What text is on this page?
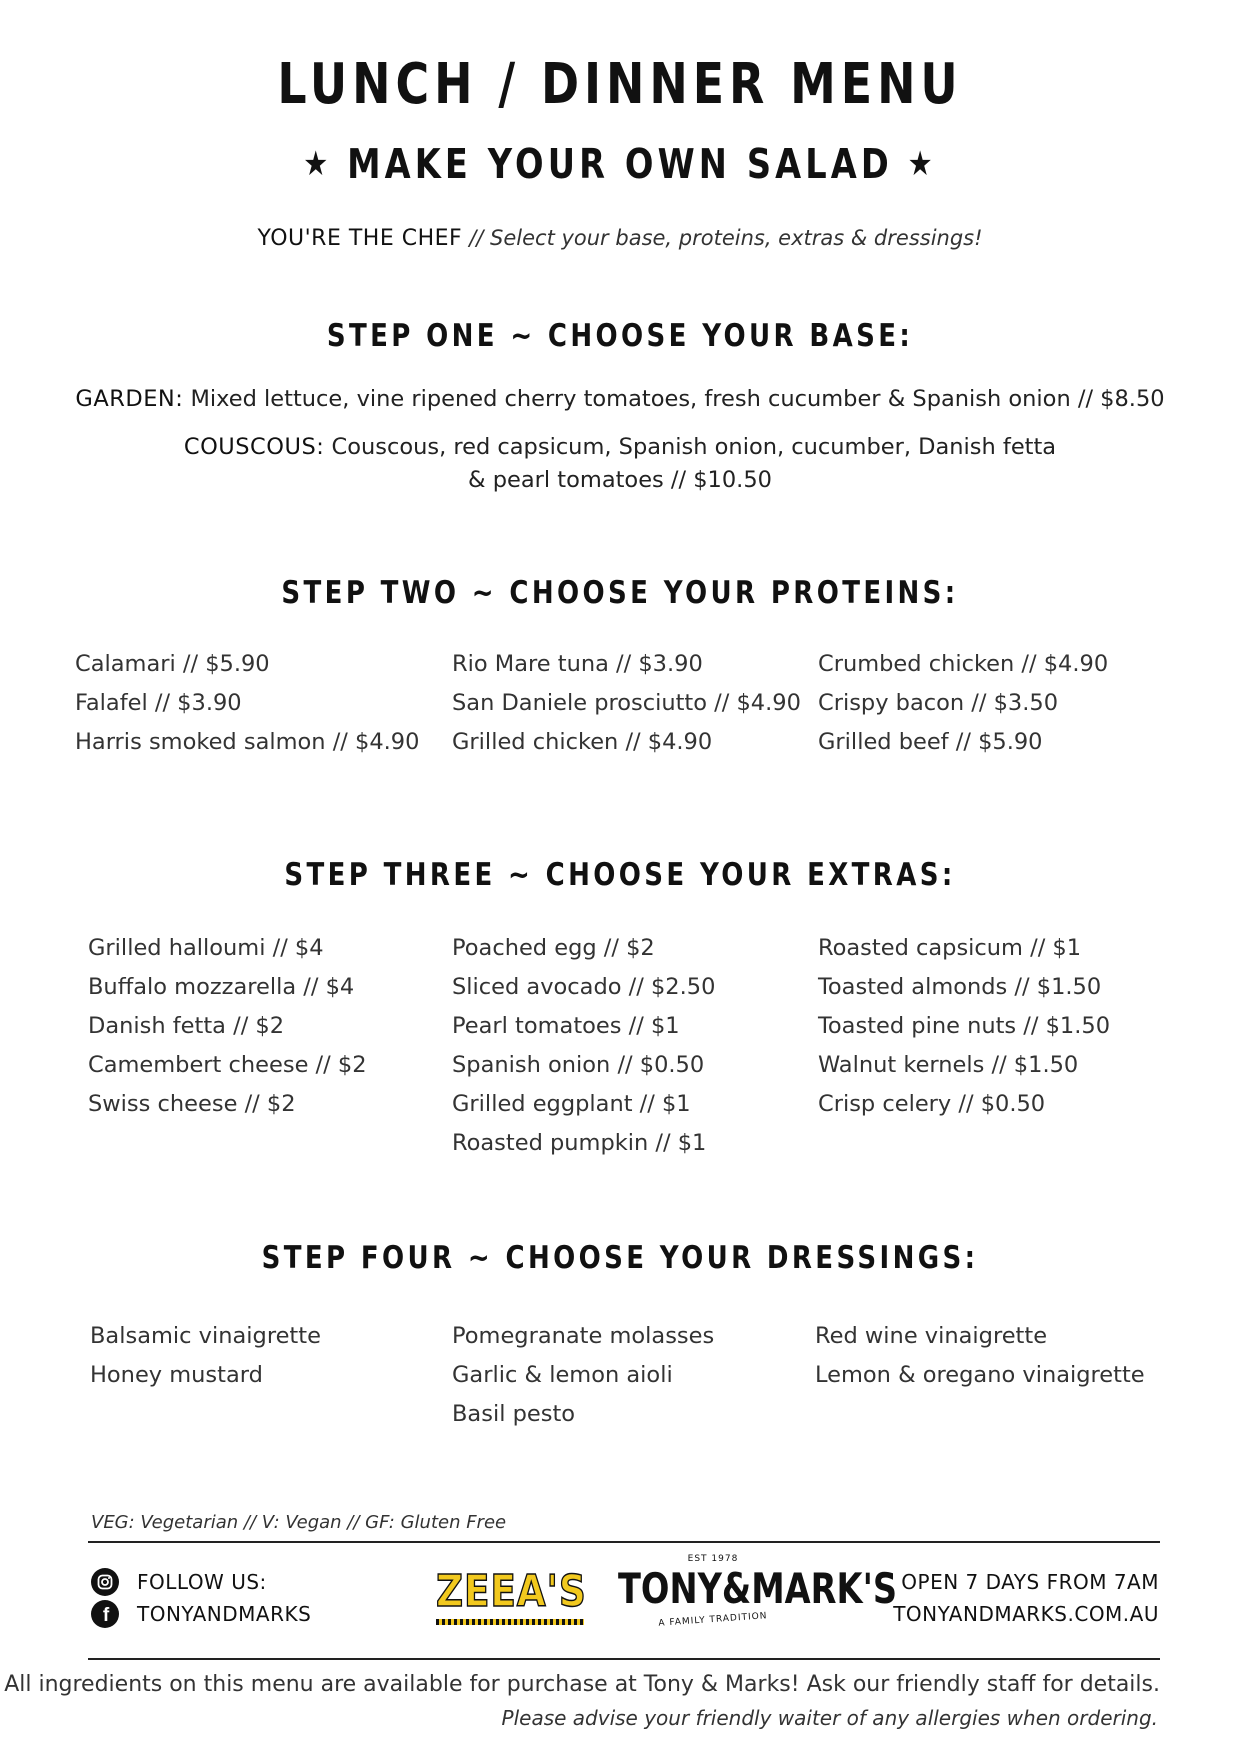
LUNCH / DINNER MENU
★ MAKE YOUR OWN SALAD ★
YOU'RE THE CHEF // Select your base, proteins, extras & dressings!
STEP ONE ~ CHOOSE YOUR BASE:
GARDEN: Mixed lettuce, vine ripened cherry tomatoes, fresh cucumber & Spanish onion // $8.50
COUSCOUS: Couscous, red capsicum, Spanish onion, cucumber, Danish fetta
& pearl tomatoes // $10.50
STEP TWO ~ CHOOSE YOUR PROTEINS:
Calamari // $5.90
Falafel // $3.90
Harris smoked salmon // $4.90
Rio Mare tuna // $3.90
San Daniele prosciutto // $4.90
Grilled chicken // $4.90
Crumbed chicken // $4.90
Crispy bacon // $3.50
Grilled beef // $5.90
STEP THREE ~ CHOOSE YOUR EXTRAS:
Grilled halloumi // $4
Buffalo mozzarella // $4
Danish fetta // $2
Camembert cheese // $2
Swiss cheese // $2
Poached egg // $2
Sliced avocado // $2.50
Pearl tomatoes // $1
Spanish onion // $0.50
Grilled eggplant // $1
Roasted pumpkin // $1
Roasted capsicum // $1
Toasted almonds // $1.50
Toasted pine nuts // $1.50
Walnut kernels // $1.50
Crisp celery // $0.50
STEP FOUR ~ CHOOSE YOUR DRESSINGS:
Balsamic vinaigrette
Honey mustard
Pomegranate molasses
Garlic & lemon aioli
Basil pesto
Red wine vinaigrette
Lemon & oregano vinaigrette
VEG: Vegetarian // V: Vegan // GF: Gluten Free
FOLLOW US:
f TONYANDMARKS	ZEEA'S
EST 1978
TONY&MARK'S
A FAMILY TRADITION
OPEN 7 DAYS FROM 7AM
TONYANDMARKS.COM.AU
All ingredients on this menu are available for purchase at Tony & Marks! Ask our friendly staff for details.
Please advise your friendly waiter of any allergies when ordering.
